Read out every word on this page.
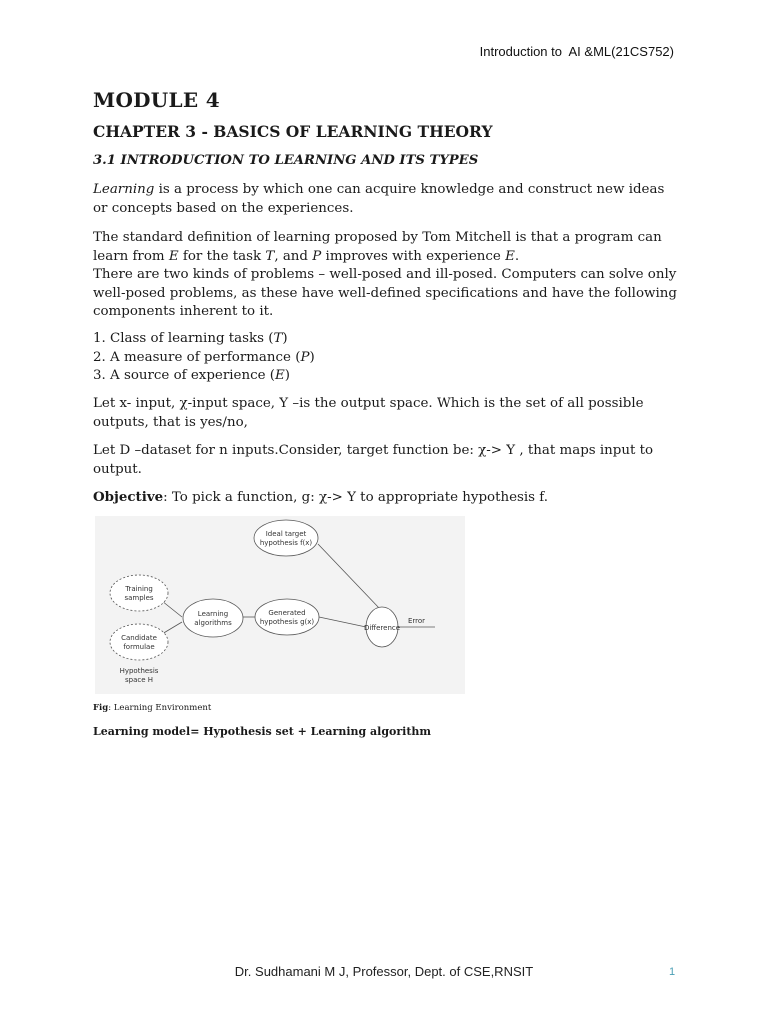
Introduction to  AI &ML(21CS752)
MODULE 4
CHAPTER 3 - BASICS OF LEARNING THEORY
3.1 INTRODUCTION TO LEARNING AND ITS TYPES

Learning is a process by which one can acquire knowledge and construct new ideas or concepts based on the experiences.

The standard definition of learning proposed by Tom Mitchell is that a program can learn from E for the task T, and P improves with experience E.

There are two kinds of problems – well-posed and ill-posed. Computers can solve only well-posed problems, as these have well-defined specifications and have the following components inherent to it.

1. Class of learning tasks (T)

2. A measure of performance (P)

3. A source of experience (E)

Let x- input, χ-input space, Y –is the output space. Which is the set of all possible outputs, that is yes/no,

Let D –dataset for n inputs.Consider, target function be: χ-> Y , that maps input to output.

Objective: To pick a function, g: χ-> Y to appropriate hypothesis f.

Ideal target
hypothesis f(x)
Training
samples
Candidate
formulae
Hypothesis
space H
Learning
algorithms
Generated
hypothesis g(x)
Difference
Error
Fig: Learning Environment
Learning model= Hypothesis set + Learning algorithm
Dr. Sudhamani M J, Professor, Dept. of CSE,RNSIT	1
